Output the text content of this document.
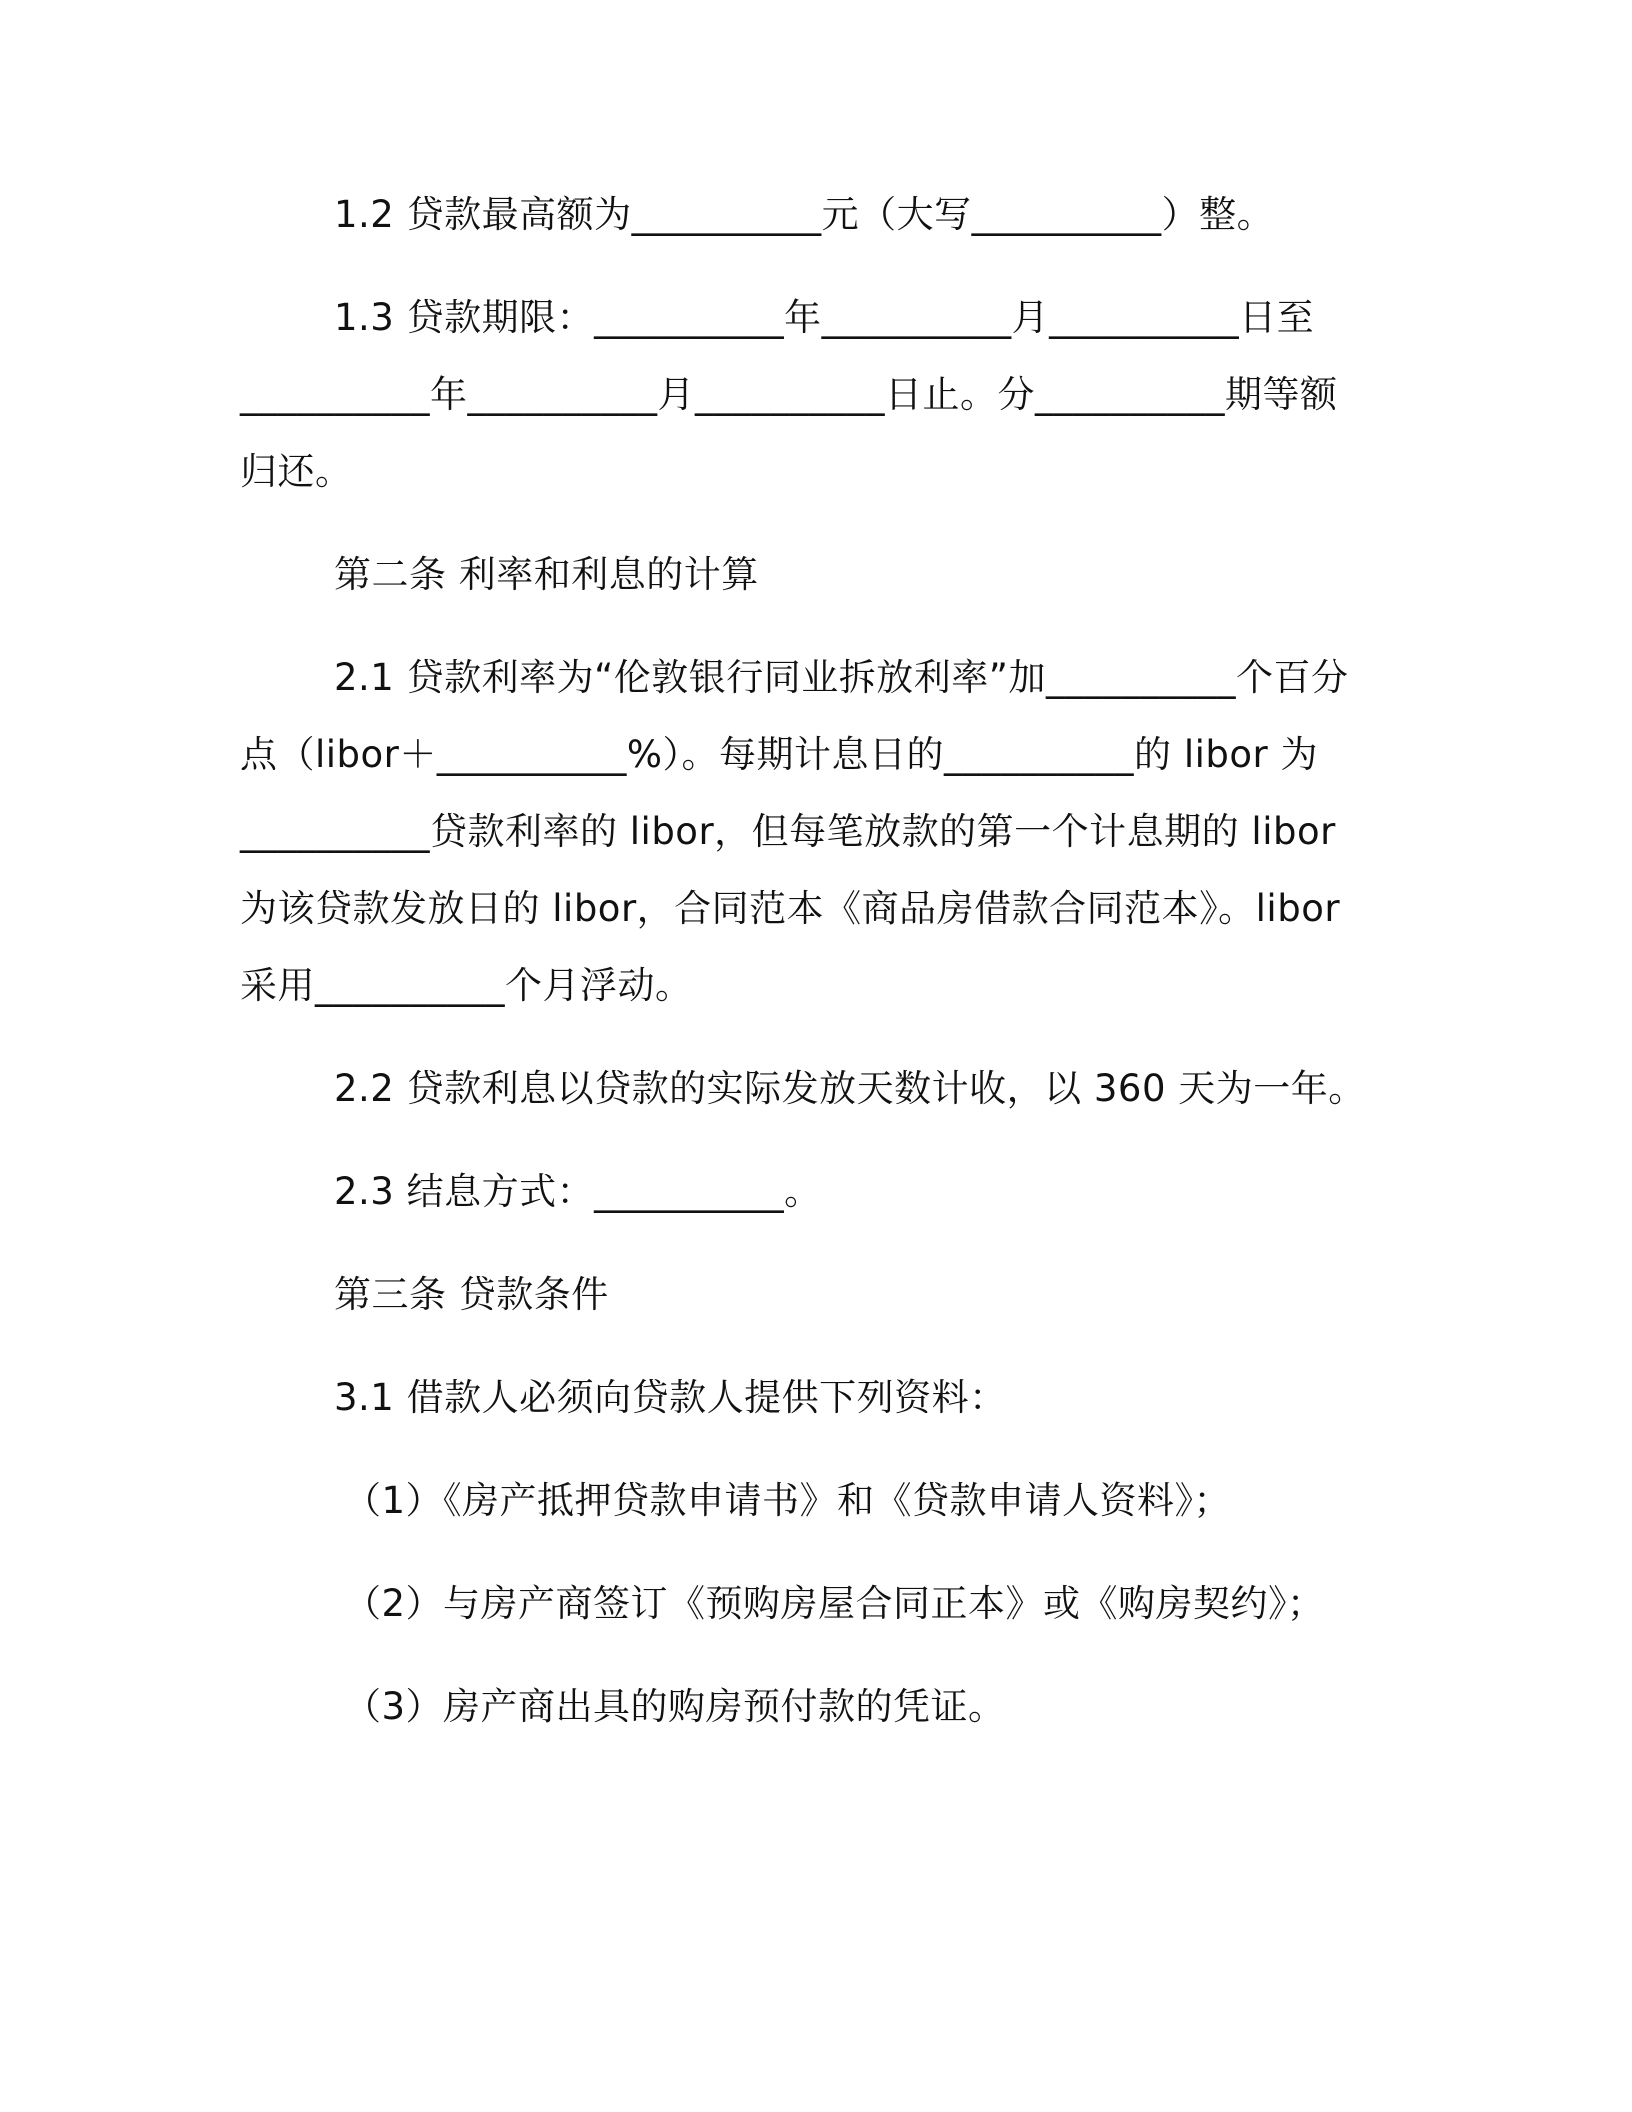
1.2 贷款最高额为__________元（大写__________）整。

1.3 贷款期限：__________年__________月__________日至__________年__________月__________日止。分__________期等额归还。

第二条 利率和利息的计算

2.1 贷款利率为“伦敦银行同业拆放利率”加__________个百分点（libor＋__________%）。每期计息日的__________的 libor 为__________贷款利率的 libor，但每笔放款的第一个计息期的 libor 为该贷款发放日的 libor，合同范本《商品房借款合同范本》。libor 采用__________个月浮动。

2.2 贷款利息以贷款的实际发放天数计收，以 360 天为一年。

2.3 结息方式：__________。

第三条 贷款条件

3.1 借款人必须向贷款人提供下列资料：

（1）《房产抵押贷款申请书》和《贷款申请人资料》；

（2）与房产商签订《预购房屋合同正本》或《购房契约》；

（3）房产商出具的购房预付款的凭证。
